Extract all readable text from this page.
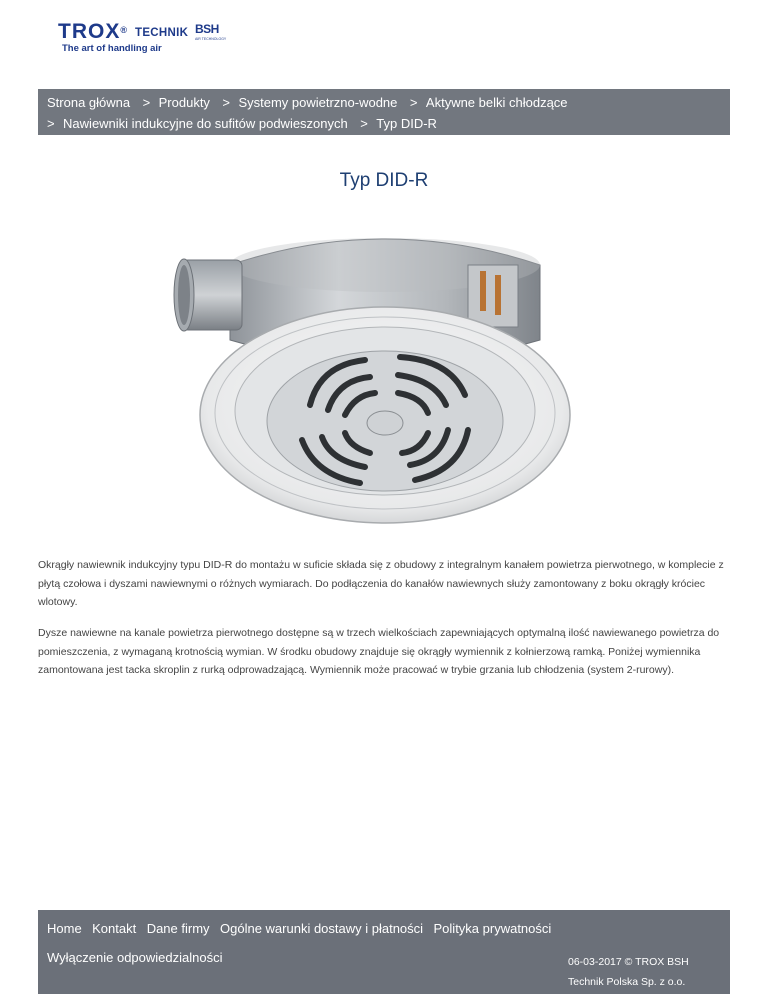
TROX® TECHNIK BSH
AIR TECHNOLOGY
The art of handling air
Strona główna > Produkty > Systemy powietrzno-wodne > Aktywne belki chłodzące
> Nawiewniki indukcyjne do sufitów podwieszonych > Typ DID-R
Typ DID-R

Okrągły nawiewnik indukcyjny typu DID-R do montażu w suficie składa się z obudowy z integralnym kanałem powietrza pierwotnego, w komplecie z płytą czołowa i dyszami nawiewnymi o różnych wymiarach. Do podłączenia do kanałów nawiewnych służy zamontowany z boku okrągły króciec wlotowy.

Dysze nawiewne na kanale powietrza pierwotnego dostępne są w trzech wielkościach zapewniających optymalną ilość nawiewanego powietrza do pomieszczenia, z wymaganą krotnością wymian. W środku obudowy znajduje się okrągły wymiennik z kołnierzową ramką. Poniżej wymiennika zamontowana jest tacka skroplin z rurką odprowadzającą. Wymiennik może pracować w trybie grzania lub chłodzenia (system 2-rurowy).

Home Kontakt Dane firmy Ogólne warunki dostawy i płatności Polityka prywatności
Wyłączenie odpowiedzialności	06-03-2017 © TROX BSH
Technik Polska Sp. z o.o.
